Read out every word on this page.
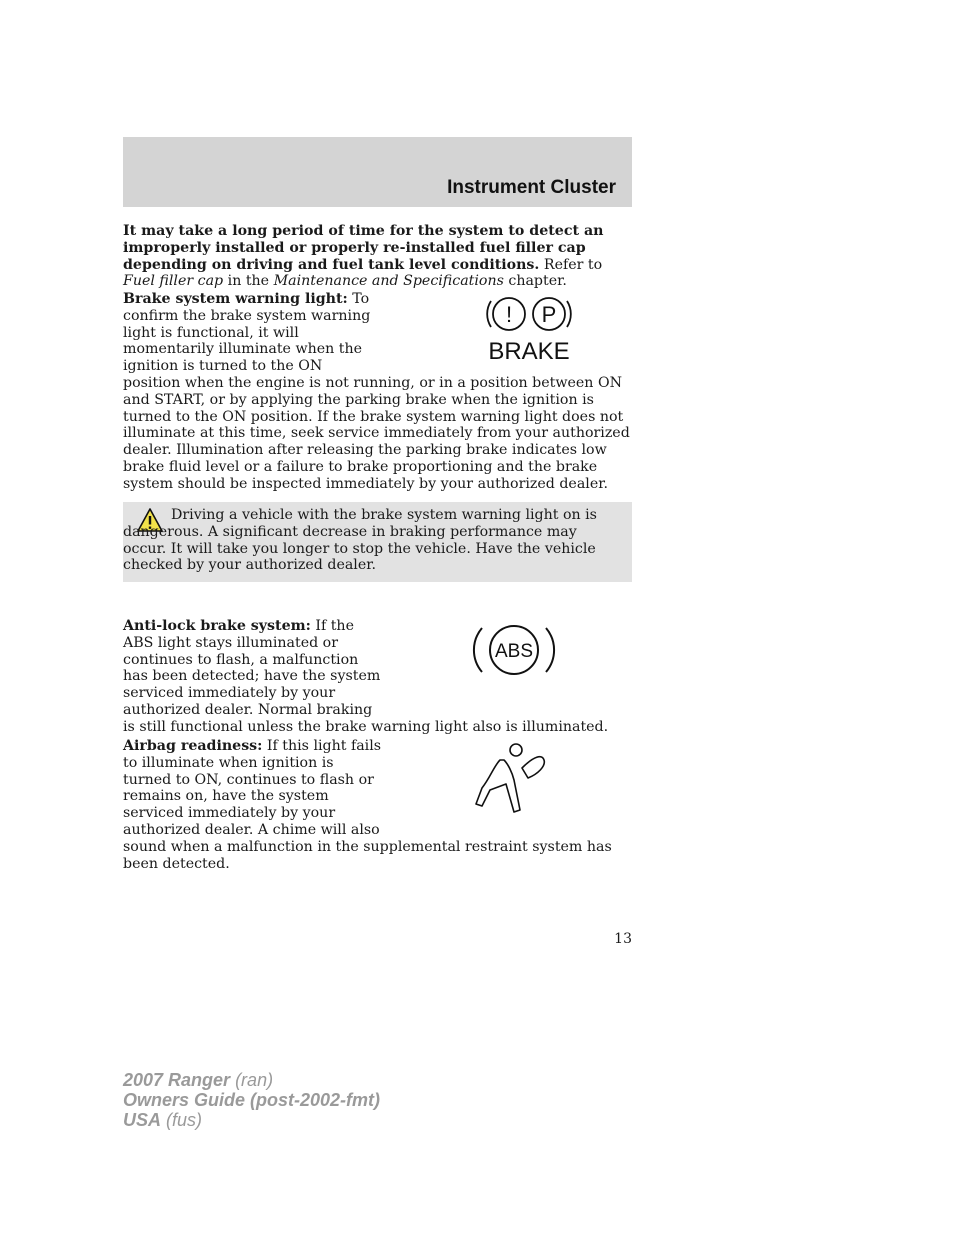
Instrument Cluster

It may take a long period of time for the system to detect an improperly installed or properly re-installed fuel filler cap depending on driving and fuel tank level conditions. Refer to Fuel filler cap in the Maintenance and Specifications chapter.

! P
BRAKE
Brake system warning light: To confirm the brake system warning light is functional, it will momentarily illuminate when the ignition is turned to the ON position when the engine is not running, or in a position between ON and START, or by applying the parking brake when the ignition is turned to the ON position. If the brake system warning light does not illuminate at this time, seek service immediately from your authorized dealer. Illumination after releasing the parking brake indicates low brake fluid level or a failure to brake proportioning and the brake system should be inspected immediately by your authorized dealer.

Driving a vehicle with the brake system warning light on is dangerous. A significant decrease in braking performance may occur. It will take you longer to stop the vehicle. Have the vehicle checked by your authorized dealer.

ABS
Anti-lock brake system: If the ABS light stays illuminated or continues to flash, a malfunction has been detected; have the system serviced immediately by your authorized dealer. Normal braking is still functional unless the brake warning light also is illuminated.
Airbag readiness: If this light fails to illuminate when ignition is turned to ON, continues to flash or remains on, have the system serviced immediately by your authorized dealer. A chime will also sound when a malfunction in the supplemental restraint system has been detected.
13
2007 Ranger (ran)
Owners Guide (post-2002-fmt)
USA (fus)
